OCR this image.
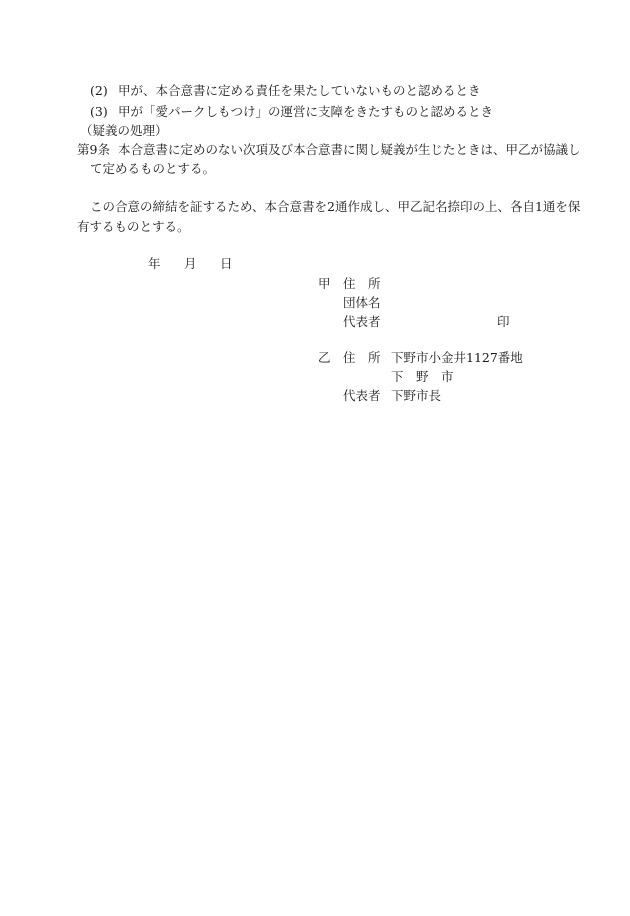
(2) 甲が、本合意書に定める責任を果たしていないものと認めるとき
(3) 甲が「愛パークしもつけ」の運営に支障をきたすものと認めるとき
（疑義の処理）
第9条 本合意書に定めのない次項及び本合意書に関し疑義が生じたときは、甲乙が協議し
て定めるものとする。
この合意の締結を証するため、本合意書を2通作成し、甲乙記名捺印の上、各自1通を保
有するものとする。
年 月 日
甲 住　所
団体名
代表者	印
乙 住　所 下野市小金井1127番地
下　野　市
代表者 下野市長
